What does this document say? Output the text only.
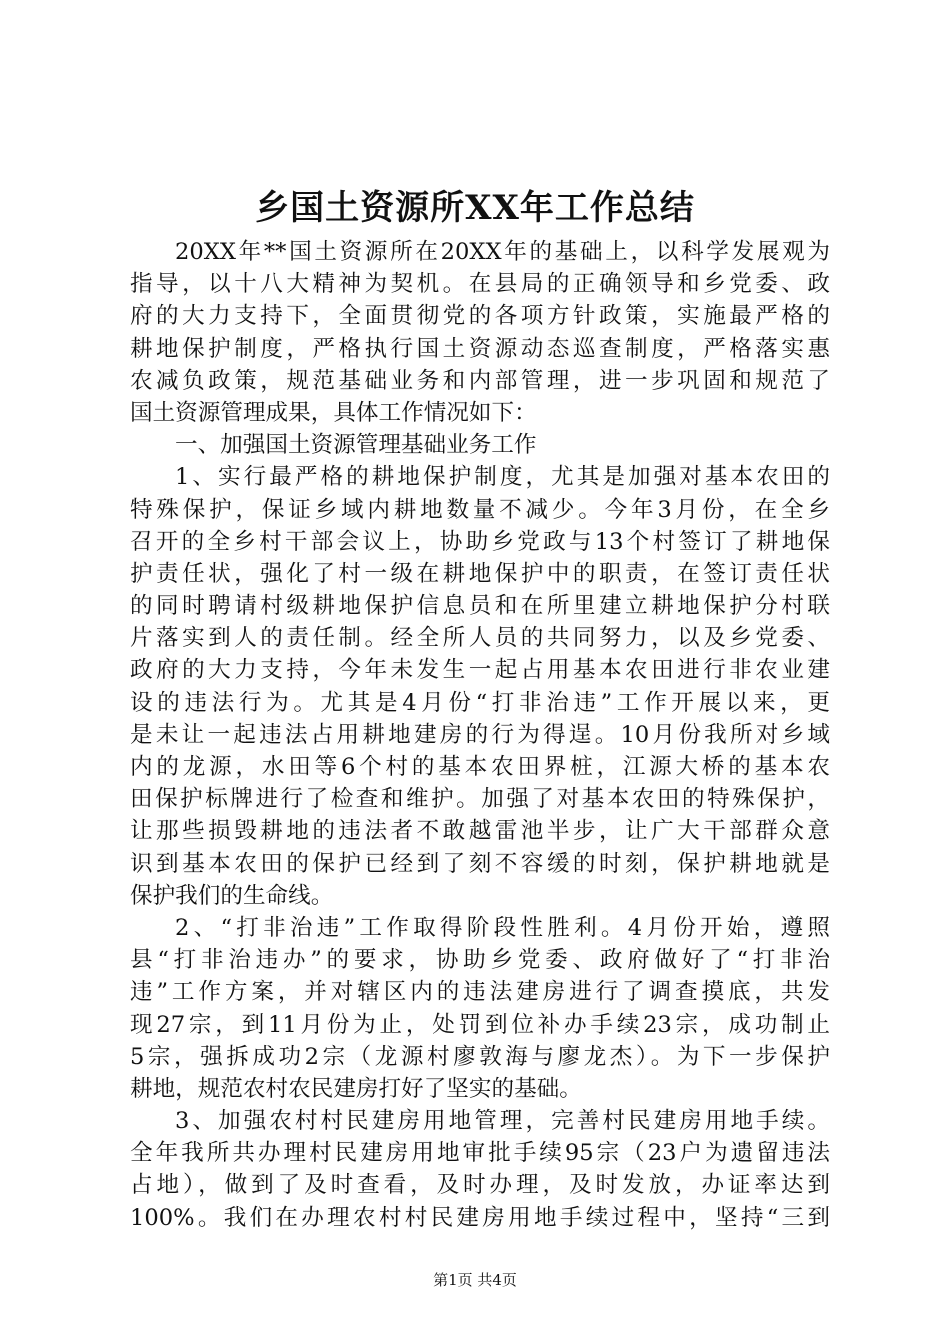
乡国土资源所XX年工作总结
20XX年**国土资源所在20XX年的基础上，以科学发展观为
指导，以十八大精神为契机。在县局的正确领导和乡党委、政
府的大力支持下，全面贯彻党的各项方针政策，实施最严格的
耕地保护制度，严格执行国土资源动态巡查制度，严格落实惠
农减负政策，规范基础业务和内部管理，进一步巩固和规范了
国土资源管理成果，具体工作情况如下：
一、加强国土资源管理基础业务工作
1、实行最严格的耕地保护制度，尤其是加强对基本农田的
特殊保护，保证乡域内耕地数量不减少。今年3月份，在全乡
召开的全乡村干部会议上，协助乡党政与13个村签订了耕地保
护责任状，强化了村一级在耕地保护中的职责，在签订责任状
的同时聘请村级耕地保护信息员和在所里建立耕地保护分村联
片落实到人的责任制。经全所人员的共同努力，以及乡党委、
政府的大力支持，今年未发生一起占用基本农田进行非农业建
设的违法行为。尤其是4月份“打非治违”工作开展以来，更
是未让一起违法占用耕地建房的行为得逞。10月份我所对乡域
内的龙源，水田等6个村的基本农田界桩，江源大桥的基本农
田保护标牌进行了检查和维护。加强了对基本农田的特殊保护，
让那些损毁耕地的违法者不敢越雷池半步，让广大干部群众意
识到基本农田的保护已经到了刻不容缓的时刻，保护耕地就是
保护我们的生命线。
2、“打非治违”工作取得阶段性胜利。4月份开始，遵照
县“打非治违办”的要求，协助乡党委、政府做好了“打非治
违”工作方案，并对辖区内的违法建房进行了调查摸底，共发
现27宗，到11月份为止，处罚到位补办手续23宗，成功制止
5宗，强拆成功2宗（龙源村廖敦海与廖龙杰）。为下一步保护
耕地，规范农村农民建房打好了坚实的基础。
3、加强农村村民建房用地管理，完善村民建房用地手续。
全年我所共办理村民建房用地审批手续95宗（23户为遗留违法
占地），做到了及时查看，及时办理，及时发放，办证率达到
100%。我们在办理农村村民建房用地手续过程中，坚持“三到
第1页 共4页
